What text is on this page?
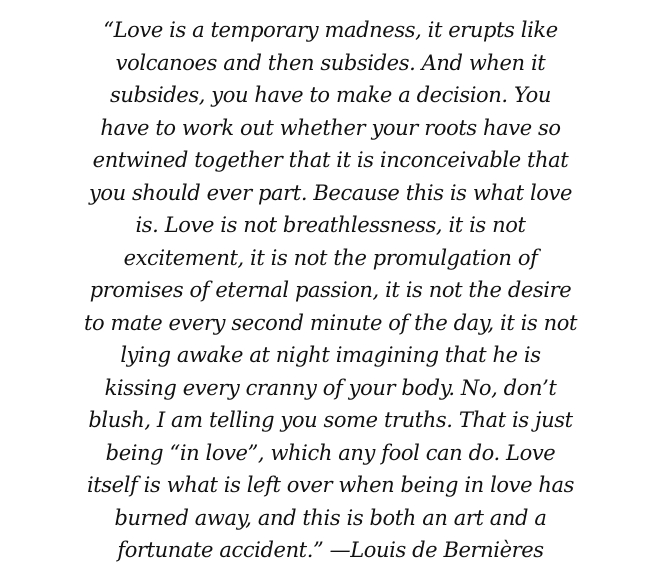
“Love is a temporary madness, it erupts like
volcanoes and then subsides. And when it
subsides, you have to make a decision. You
have to work out whether your roots have so
entwined together that it is inconceivable that
you should ever part. Because this is what love
is. Love is not breathlessness, it is not
excitement, it is not the promulgation of
promises of eternal passion, it is not the desire
to mate every second minute of the day, it is not
lying awake at night imagining that he is
kissing every cranny of your body. No, don’t
blush, I am telling you some truths. That is just
being “in love”, which any fool can do. Love
itself is what is left over when being in love has
burned away, and this is both an art and a
fortunate accident.” —Louis de Bernières
